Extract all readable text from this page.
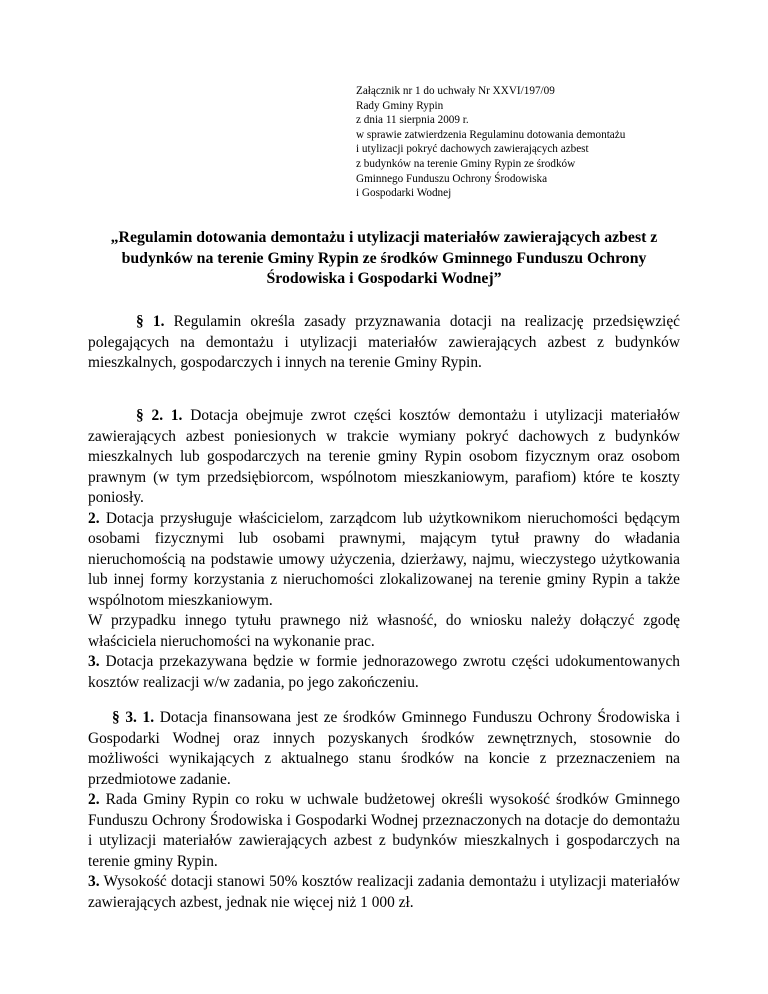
Załącznik nr 1 do uchwały Nr XXVI/197/09
Rady Gminy Rypin
z dnia 11 sierpnia 2009 r.
w sprawie zatwierdzenia Regulaminu dotowania demontażu
i utylizacji pokryć dachowych zawierających azbest
z budynków na terenie Gminy Rypin ze środków
Gminnego Funduszu Ochrony Środowiska
i Gospodarki Wodnej
„Regulamin dotowania demontażu i utylizacji materiałów zawierających azbest z budynków na terenie Gminy Rypin ze środków Gminnego Funduszu Ochrony Środowiska i Gospodarki Wodnej”

§ 1. Regulamin określa zasady przyznawania dotacji na realizację przedsięwzięć polegających na demontażu i utylizacji materiałów zawierających azbest z budynków mieszkalnych, gospodarczych i innych na terenie Gminy Rypin.

§ 2. 1. Dotacja obejmuje zwrot części kosztów demontażu i utylizacji materiałów zawierających azbest poniesionych w trakcie wymiany pokryć dachowych z budynków mieszkalnych lub gospodarczych na terenie gminy Rypin osobom fizycznym oraz osobom prawnym (w tym przedsiębiorcom, wspólnotom mieszkaniowym, parafiom) które te koszty poniosły.

2. Dotacja przysługuje właścicielom, zarządcom lub użytkownikom nieruchomości będącym osobami fizycznymi lub osobami prawnymi, mającym tytuł prawny do władania nieruchomością na podstawie umowy użyczenia, dzierżawy, najmu, wieczystego użytkowania lub innej formy korzystania z nieruchomości zlokalizowanej na terenie gminy Rypin a także wspólnotom mieszkaniowym.

W przypadku innego tytułu prawnego niż własność, do wniosku należy dołączyć zgodę właściciela nieruchomości na wykonanie prac.

3. Dotacja przekazywana będzie w formie jednorazowego zwrotu części udokumentowanych kosztów realizacji w/w zadania, po jego zakończeniu.

§ 3. 1. Dotacja finansowana jest ze środków Gminnego Funduszu Ochrony Środowiska i Gospodarki Wodnej oraz innych pozyskanych środków zewnętrznych, stosownie do możliwości wynikających z aktualnego stanu środków na koncie z przeznaczeniem na przedmiotowe zadanie.

2. Rada Gminy Rypin co roku w uchwale budżetowej określi wysokość środków Gminnego Funduszu Ochrony Środowiska i Gospodarki Wodnej przeznaczonych na dotacje do demontażu i utylizacji materiałów zawierających azbest z budynków mieszkalnych i gospodarczych na terenie gminy Rypin.

3. Wysokość dotacji stanowi 50% kosztów realizacji zadania demontażu i utylizacji materiałów zawierających azbest, jednak nie więcej niż 1 000 zł.
